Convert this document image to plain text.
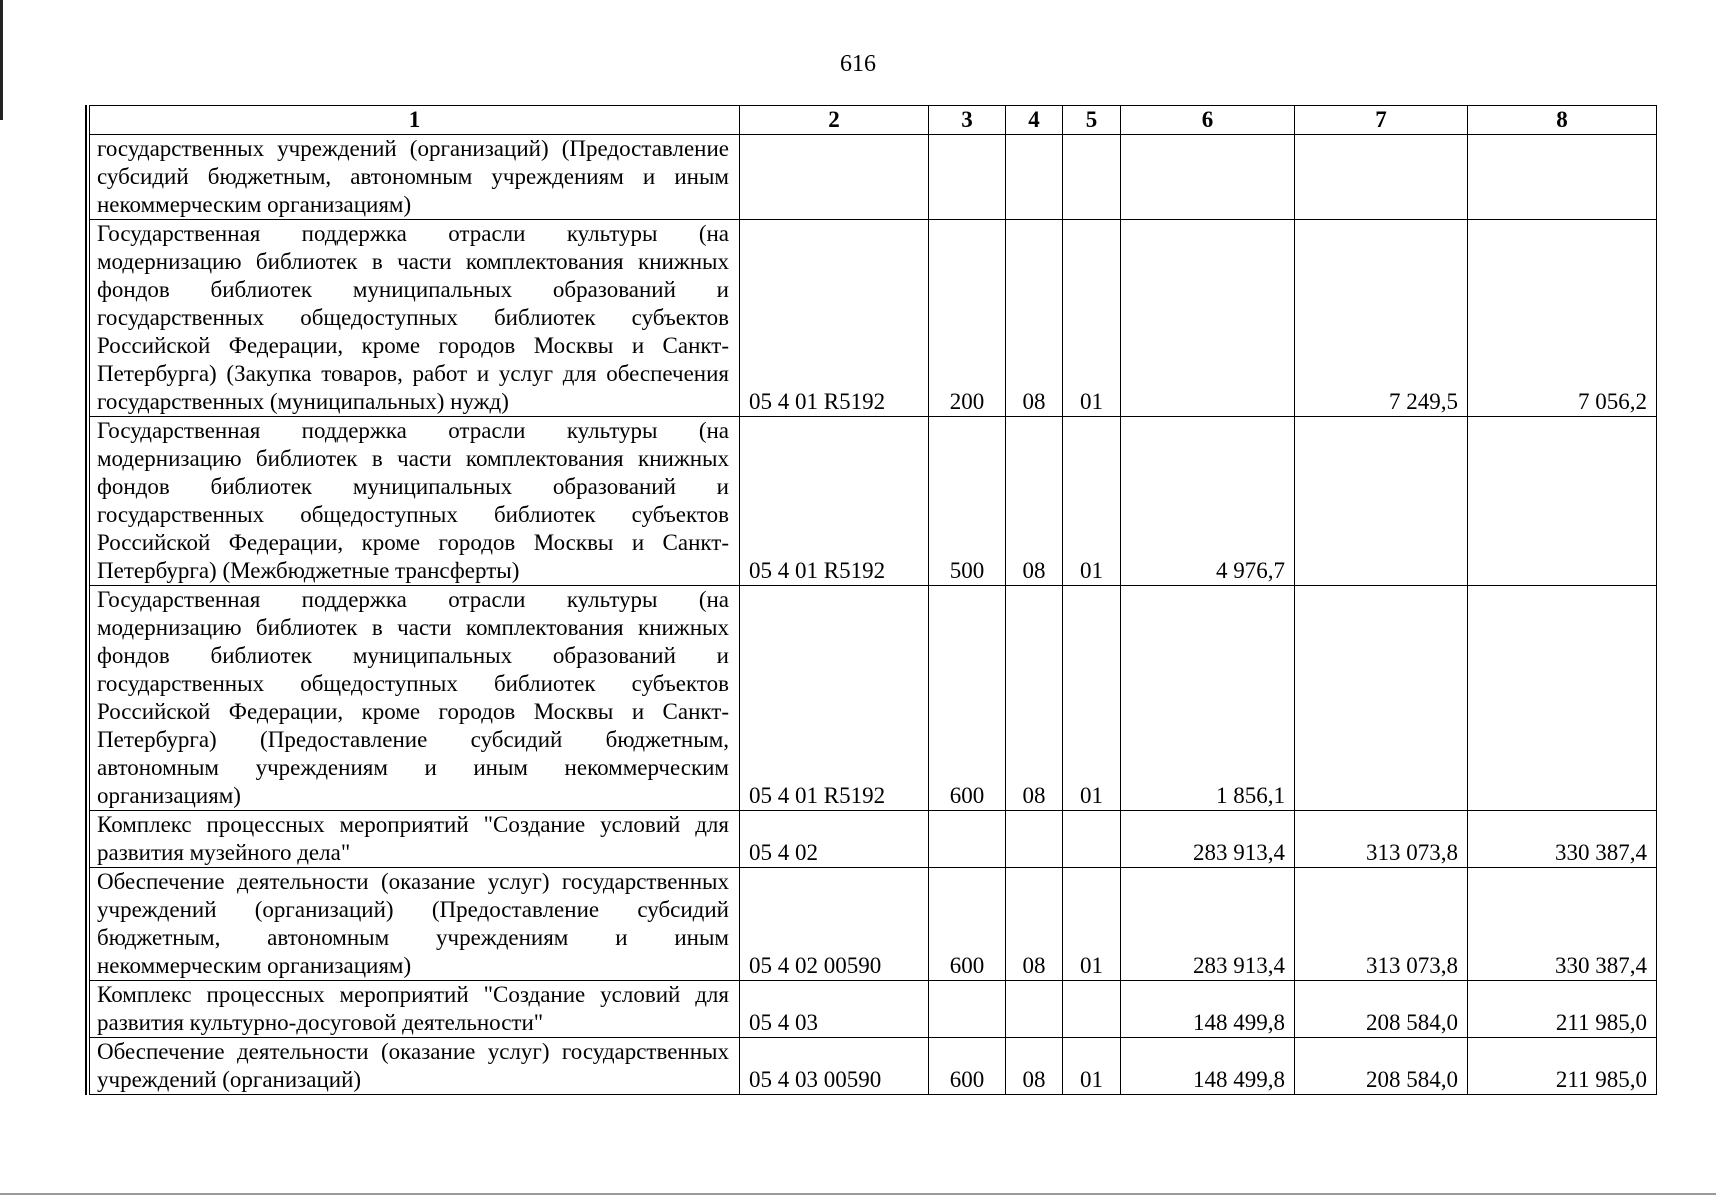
616
1	2	3	4	5	6	7	8
государственных учреждений (организаций) (Предоставление субсидий бюджетным, автономным учреждениям и иным некоммерческим организациям)							
Государственная поддержка отрасли культуры (на модернизацию библиотек в части комплектования книжных фондов библиотек муниципальных образований и государственных общедоступных библиотек субъектов Российской Федерации, кроме городов Москвы и Санкт-Петербурга) (Закупка товаров, работ и услуг для обеспечения государственных (муниципальных) нужд)	05 4 01 R5192	200	08	01		7 249,5	7 056,2
Государственная поддержка отрасли культуры (на модернизацию библиотек в части комплектования книжных фондов библиотек муниципальных образований и государственных общедоступных библиотек субъектов Российской Федерации, кроме городов Москвы и Санкт-Петербурга) (Межбюджетные трансферты)	05 4 01 R5192	500	08	01	4 976,7		
Государственная поддержка отрасли культуры (на модернизацию библиотек в части комплектования книжных фондов библиотек муниципальных образований и государственных общедоступных библиотек субъектов Российской Федерации, кроме городов Москвы и Санкт-Петербурга) (Предоставление субсидий бюджетным, автономным учреждениям и иным некоммерческим организациям)	05 4 01 R5192	600	08	01	1 856,1		
Комплекс процессных мероприятий "Создание условий для развития музейного дела"	05 4 02				283 913,4	313 073,8	330 387,4
Обеспечение деятельности (оказание услуг) государственных учреждений (организаций) (Предоставление субсидий бюджетным, автономным учреждениям и иным некоммерческим организациям)	05 4 02 00590	600	08	01	283 913,4	313 073,8	330 387,4
Комплекс процессных мероприятий "Создание условий для развития культурно-досуговой деятельности"	05 4 03				148 499,8	208 584,0	211 985,0
Обеспечение деятельности (оказание услуг) государственных учреждений (организаций)	05 4 03 00590	600	08	01	148 499,8	208 584,0	211 985,0
